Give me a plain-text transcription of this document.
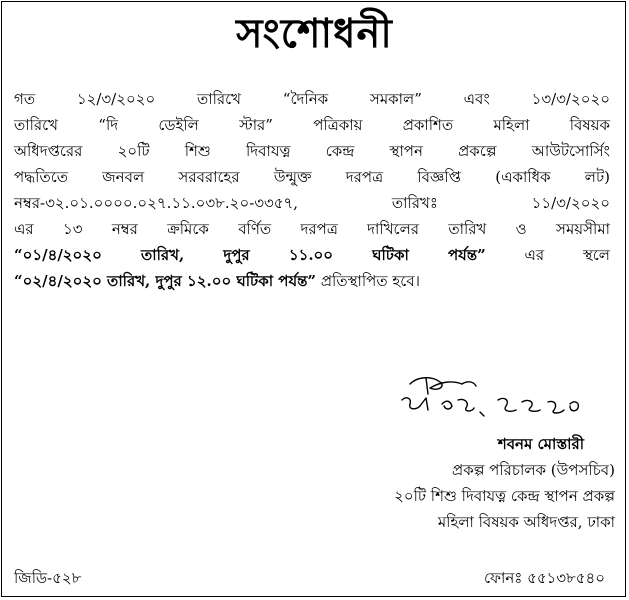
সংশোধনী
গত ১২/৩/২০২০ তারিখে “দৈনিক সমকাল” এবং ১৩/৩/২০২০
তারিখে “দি ডেইলি স্টার” পত্রিকায় প্রকাশিত মহিলা বিষয়ক
অধিদপ্তরের ২০টি শিশু দিবাযত্ন কেন্দ্র স্থাপন প্রকল্পে আউটসোর্সিং
পদ্ধতিতে জনবল সরবরাহের উন্মুক্ত দরপত্র বিজ্ঞপ্তি (একাধিক লট)
নম্বর-৩২.০১.০০০০.০২৭.১১.০৩৮.২০-৩৩৫৭, তারিখঃ ১১/৩/২০২০
এর ১৩ নম্বর ক্রমিকে বর্ণিত দরপত্র দাখিলের তারিখ ও সময়সীমা
“০১/৪/২০২০ তারিখ, দুপুর ১১.০০ ঘটিকা পর্যন্ত”	এর স্থলে
“০২/৪/২০২০ তারিখ, দুপুর ১২.০০ ঘটিকা পর্যন্ত” প্রতিস্থাপিত হবে।
শবনম মোস্তারী
প্রকল্প পরিচালক (উপসচিব)
২০টি শিশু দিবাযত্ন কেন্দ্র স্থাপন প্রকল্প
মহিলা বিষয়ক অধিদপ্তর, ঢাকা
জিডি-৫২৮	ফোনঃ ৫৫১৩৮৫৪০
